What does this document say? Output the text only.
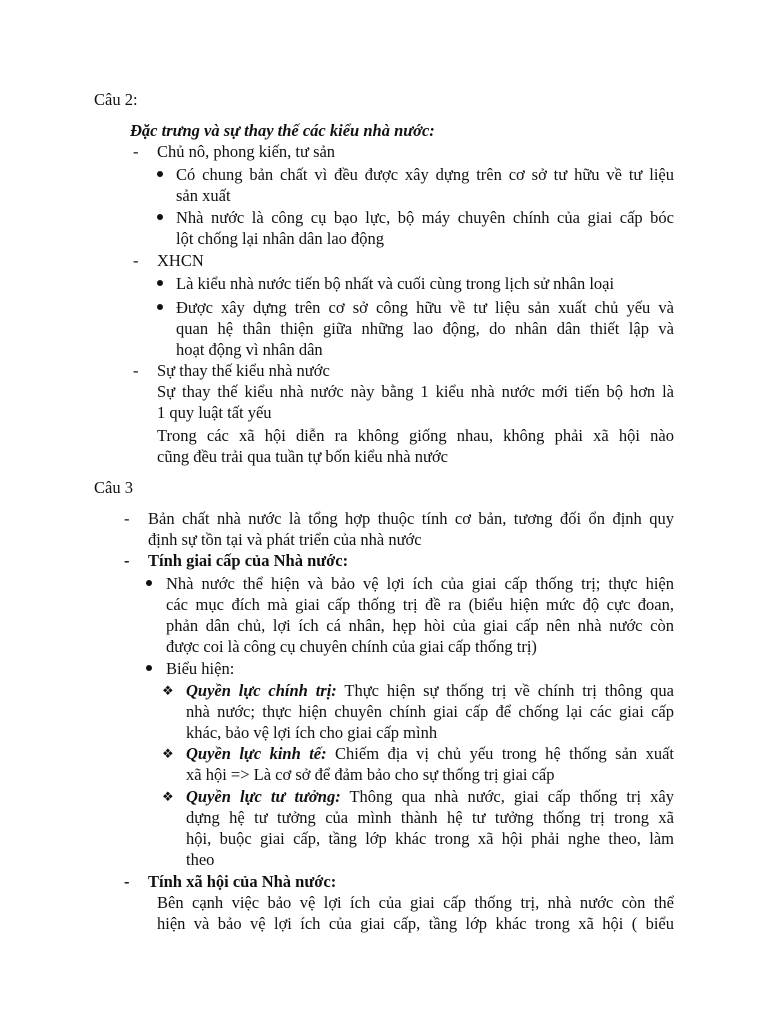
Câu 2:
Đặc trưng và sự thay thế các kiểu nhà nước:
- Chủ nô, phong kiến, tư sản
Có chung bản chất vì đều được xây dựng trên cơ sở tư hữu về tư liệu
sản xuất
Nhà nước là công cụ bạo lực, bộ máy chuyên chính của giai cấp bóc
lột chống lại nhân dân lao động
- XHCN
Là kiểu nhà nước tiến bộ nhất và cuối cùng trong lịch sử nhân loại
Được xây dựng trên cơ sở công hữu về tư liệu sản xuất chủ yếu và
quan hệ thân thiện giữa những lao động, do nhân dân thiết lập và
hoạt động vì nhân dân
- Sự thay thế kiểu nhà nước
Sự thay thế kiểu nhà nước này bằng 1 kiểu nhà nước mới tiến bộ hơn là
1 quy luật tất yếu
Trong các xã hội diễn ra không giống nhau, không phải xã hội nào
cũng đều trải qua tuần tự bốn kiểu nhà nước
Câu 3
- Bản chất nhà nước là tổng hợp thuộc tính cơ bản, tương đối ổn định quy
định sự tồn tại và phát triển của nhà nước
- Tính giai cấp của Nhà nước:
Nhà nước thể hiện và bảo vệ lợi ích của giai cấp thống trị; thực hiện
các mục đích mà giai cấp thống trị đề ra (biểu hiện mức độ cực đoan,
phản dân chủ, lợi ích cá nhân, hẹp hòi của giai cấp nên nhà nước còn
được coi là công cụ chuyên chính của giai cấp thống trị)
Biểu hiện:
❖ Quyền lực chính trị: Thực hiện sự thống trị về chính trị thông qua
nhà nước; thực hiện chuyên chính giai cấp để chống lại các giai cấp
khác, bảo vệ lợi ích cho giai cấp mình
❖ Quyền lực kinh tế: Chiếm địa vị chủ yếu trong hệ thống sản xuất
xã hội => Là cơ sở để đảm bảo cho sự thống trị giai cấp
❖ Quyền lực tư tưởng: Thông qua nhà nước, giai cấp thống trị xây
dựng hệ tư tưởng của mình thành hệ tư tưởng thống trị trong xã
hội, buộc giai cấp, tầng lớp khác trong xã hội phải nghe theo, làm
theo
- Tính xã hội của Nhà nước:
Bên cạnh việc bảo vệ lợi ích của giai cấp thống trị, nhà nước còn thể
hiện và bảo vệ lợi ích của giai cấp, tầng lớp khác trong xã hội ( biểu
